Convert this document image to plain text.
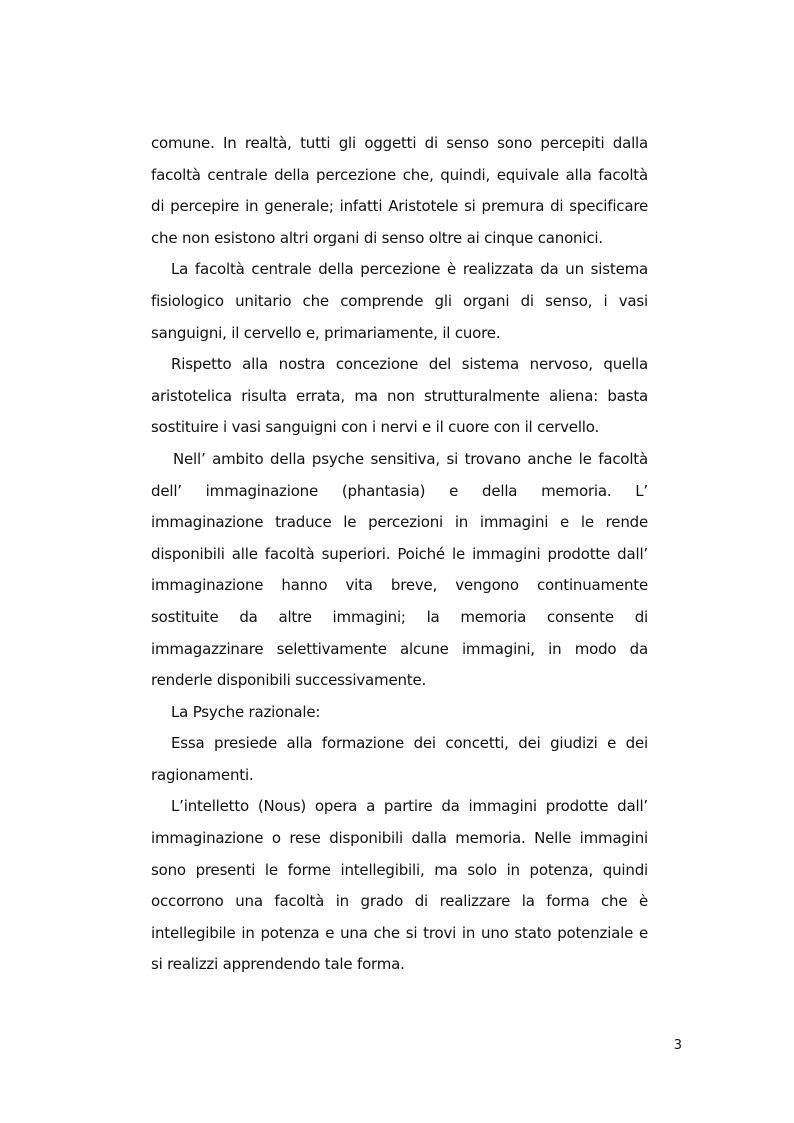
comune. In realtà, tutti gli oggetti di senso sono percepiti dalla facoltà centrale della percezione che, quindi, equivale alla facoltà di percepire in generale; infatti Aristotele si premura di specificare che non esistono altri organi di senso oltre ai cinque canonici.

La facoltà centrale della percezione è realizzata da un sistema fisiologico unitario che comprende gli organi di senso, i vasi sanguigni, il cervello e, primariamente, il cuore.

Rispetto alla nostra concezione del sistema nervoso, quella aristotelica risulta errata, ma non strutturalmente aliena: basta sostituire i vasi sanguigni con i nervi e il cuore con il cervello.

Nell’ ambito della psyche sensitiva, si trovano anche le facoltà dell’ immaginazione (phantasia) e della memoria. L’ immaginazione traduce le percezioni in immagini e le rende disponibili alle facoltà superiori. Poiché le immagini prodotte dall’ immaginazione hanno vita breve, vengono continuamente sostituite da altre immagini; la memoria consente di immagazzinare selettivamente alcune immagini, in modo da renderle disponibili successivamente.

La Psyche razionale:

Essa presiede alla formazione dei concetti, dei giudizi e dei ragionamenti.

L’intelletto (Nous) opera a partire da immagini prodotte dall’ immaginazione o rese disponibili dalla memoria. Nelle immagini sono presenti le forme intellegibili, ma solo in potenza, quindi occorrono una facoltà in grado di realizzare la forma che è intellegibile in potenza e una che si trovi in uno stato potenziale e si realizzi apprendendo tale forma.

3
